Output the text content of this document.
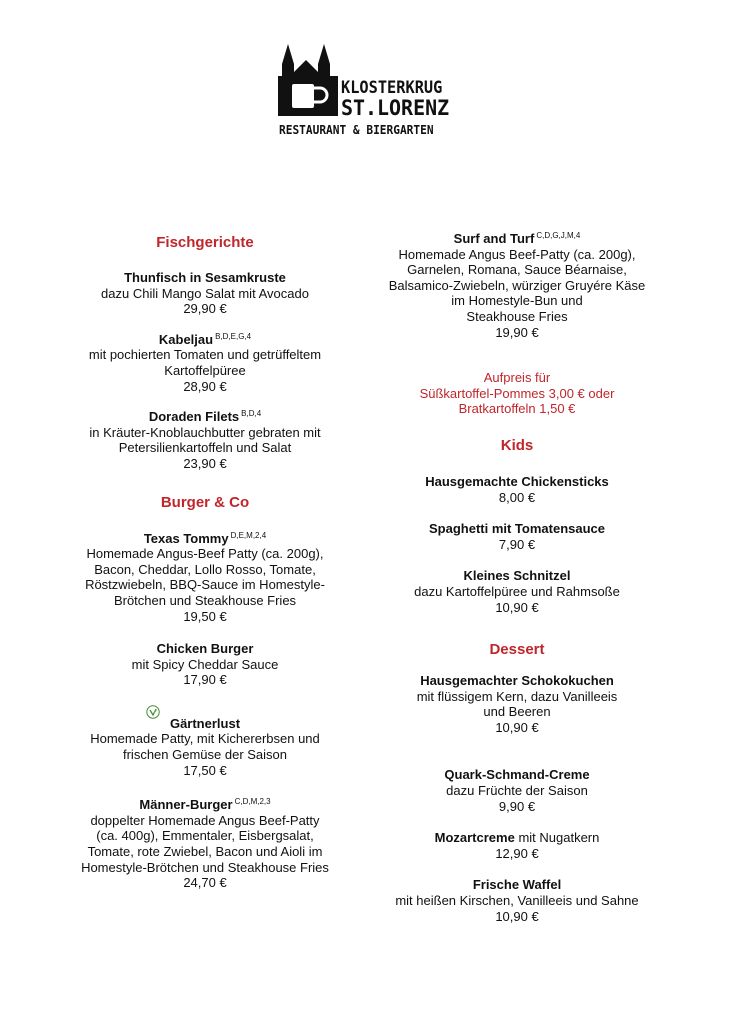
KLOSTERKRUG
ST.LORENZ
RESTAURANT & BIERGARTEN

Fischgerichte

Thunfisch in Sesamkruste
dazu Chili Mango Salat mit Avocado
29,90 €
Kabeljau $^{B,D,E,G,4}$
mit pochierten Tomaten und getrüffeltem
Kartoffelpüree
28,90 €
Doraden Filets $^{B,D,4}$
in Kräuter-Knoblauchbutter gebraten mit
Petersilienkartoffeln und Salat
23,90 €

Burger & Co

Texas Tommy $^{D,E,M,2,4}$
Homemade Angus-Beef Patty (ca. 200g),
Bacon, Cheddar, Lollo Rosso, Tomate,
Röstzwiebeln, BBQ-Sauce im Homestyle-
Brötchen und Steakhouse Fries
19,50 €
Chicken Burger
mit Spicy Cheddar Sauce
17,90 €
Gärtnerlust
Homemade Patty, mit Kichererbsen und
frischen Gemüse der Saison
17,50 €
Männer-Burger $^{C,D,M,2,3}$
doppelter Homemade Angus Beef-Patty
(ca. 400g), Emmentaler, Eisbergsalat,
Tomate, rote Zwiebel, Bacon und Aioli im
Homestyle-Brötchen und Steakhouse Fries
24,70 €
Surf and Turf $^{C,D,G,J,M,4}$
Homemade Angus Beef-Patty (ca. 200g),
Garnelen, Romana, Sauce Béarnaise,
Balsamico-Zwiebeln, würziger Gruyére Käse
im Homestyle-Bun und
Steakhouse Fries
19,90 €
Aufpreis für
Süßkartoffel-Pommes 3,00 € oder
Bratkartoffeln 1,50 €

Kids

Hausgemachte Chickensticks
8,00 €
Spaghetti mit Tomatensauce
7,90 €
Kleines Schnitzel
dazu Kartoffelpüree und Rahmsoße
10,90 €

Dessert

Hausgemachter Schokokuchen
mit flüssigem Kern, dazu Vanilleeis
und Beeren
10,90 €
Quark-Schmand-Creme
dazu Früchte der Saison
9,90 €
Mozartcreme mit Nugatkern
12,90 €
Frische Waffel
mit heißen Kirschen, Vanilleeis und Sahne
10,90 €
